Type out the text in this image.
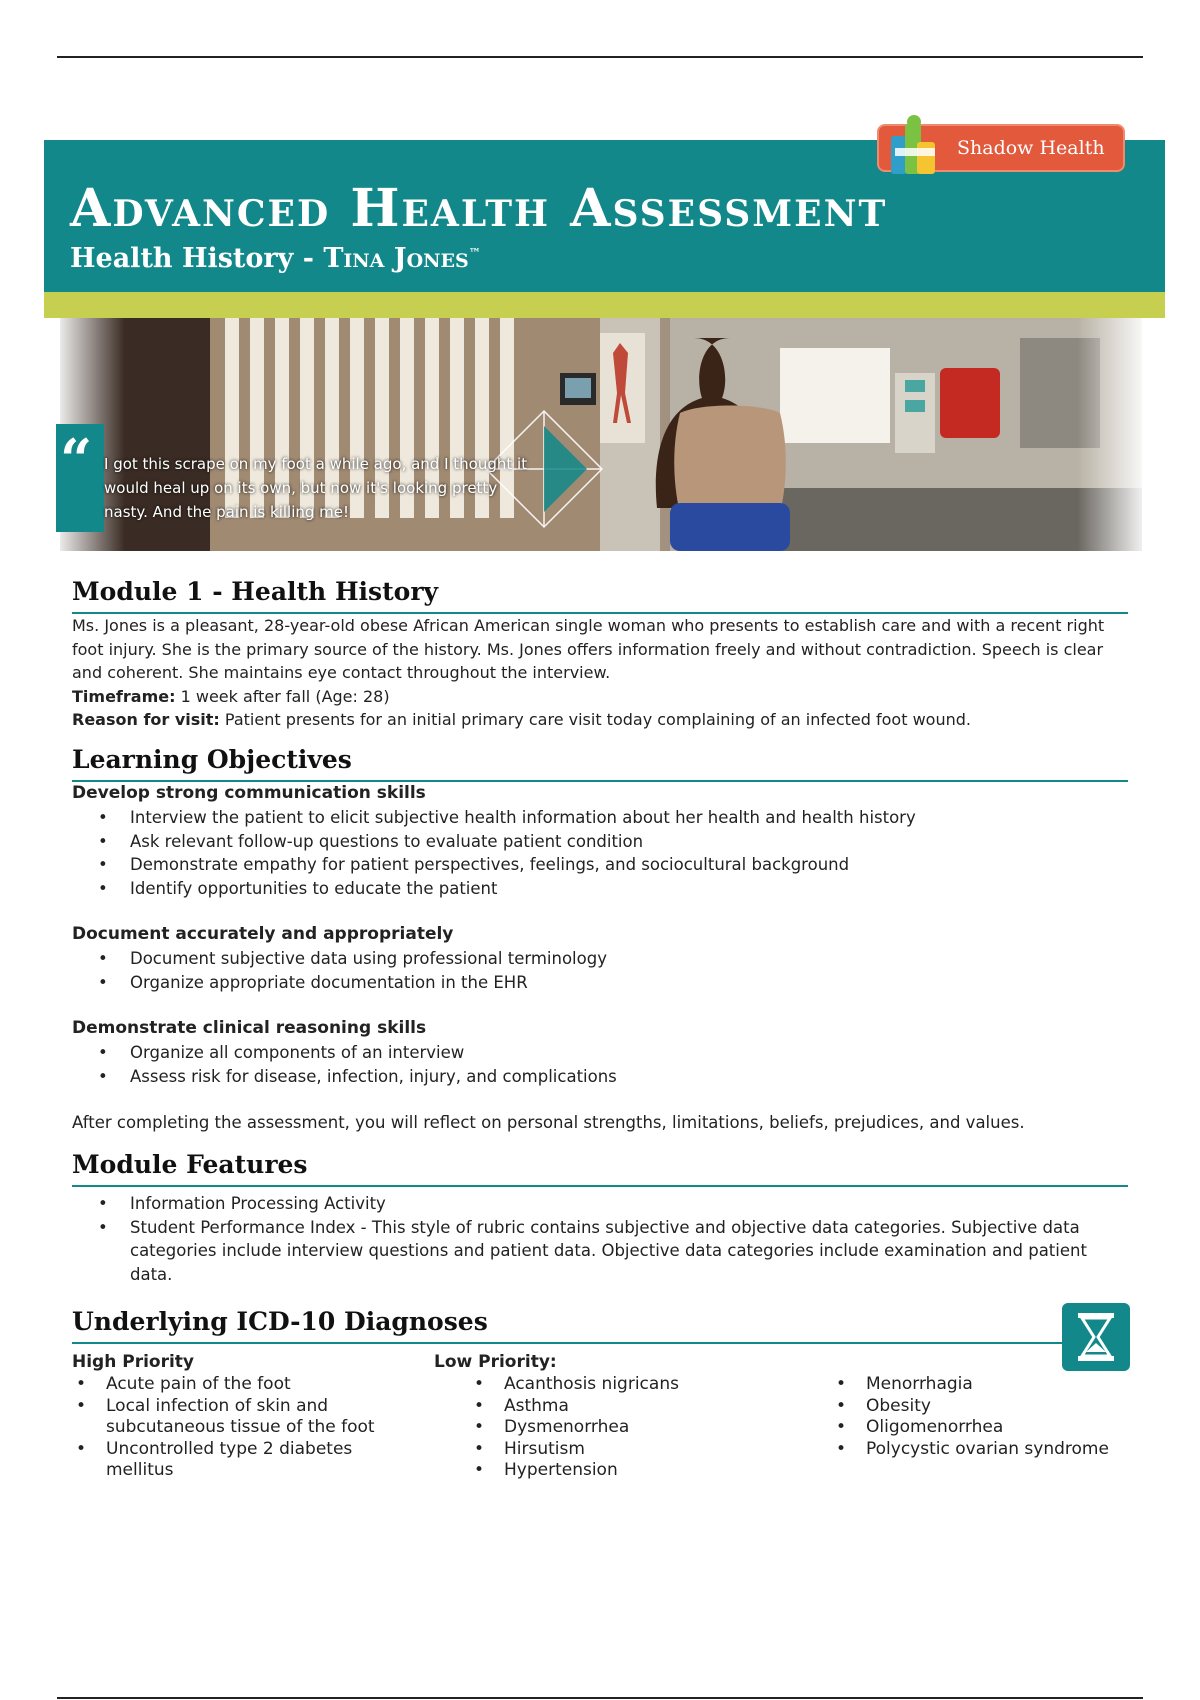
Advanced Health Assessment
Health History - Tina Jones™
Shadow Health
“ I got this scrape on my foot a while ago, and I thought it would heal up on its own, but now it's looking pretty nasty. And the pain is killing me!
Module 1 - Health History
Ms. Jones is a pleasant, 28-year-old obese African American single woman who presents to establish care and with a recent right foot injury. She is the primary source of the history. Ms. Jones offers information freely and without contradiction. Speech is clear and coherent. She maintains eye contact throughout the interview.
Timeframe: 1 week after fall (Age: 28)
Reason for visit: Patient presents for an initial primary care visit today complaining of an infected foot wound.
Learning Objectives
Develop strong communication skills
• Interview the patient to elicit subjective health information about her health and health history
• Ask relevant follow-up questions to evaluate patient condition
• Demonstrate empathy for patient perspectives, feelings, and sociocultural background
• Identify opportunities to educate the patient
Document accurately and appropriately
• Document subjective data using professional terminology
• Organize appropriate documentation in the EHR
Demonstrate clinical reasoning skills
• Organize all components of an interview
• Assess risk for disease, infection, injury, and complications
After completing the assessment, you will reflect on personal strengths, limitations, beliefs, prejudices, and values.
Module Features
• Information Processing Activity
• Student Performance Index - This style of rubric contains subjective and objective data categories. Subjective data categories include interview questions and patient data. Objective data categories include examination and patient data.
Underlying ICD-10 Diagnoses
High Priority
• Acute pain of the foot
• Local infection of skin and subcutaneous tissue of the foot
• Uncontrolled type 2 diabetes mellitus
Low Priority:
• Acanthosis nigricans
• Asthma
• Dysmenorrhea
• Hirsutism
• Hypertension
• Menorrhagia
• Obesity
• Oligomenorrhea
• Polycystic ovarian syndrome
